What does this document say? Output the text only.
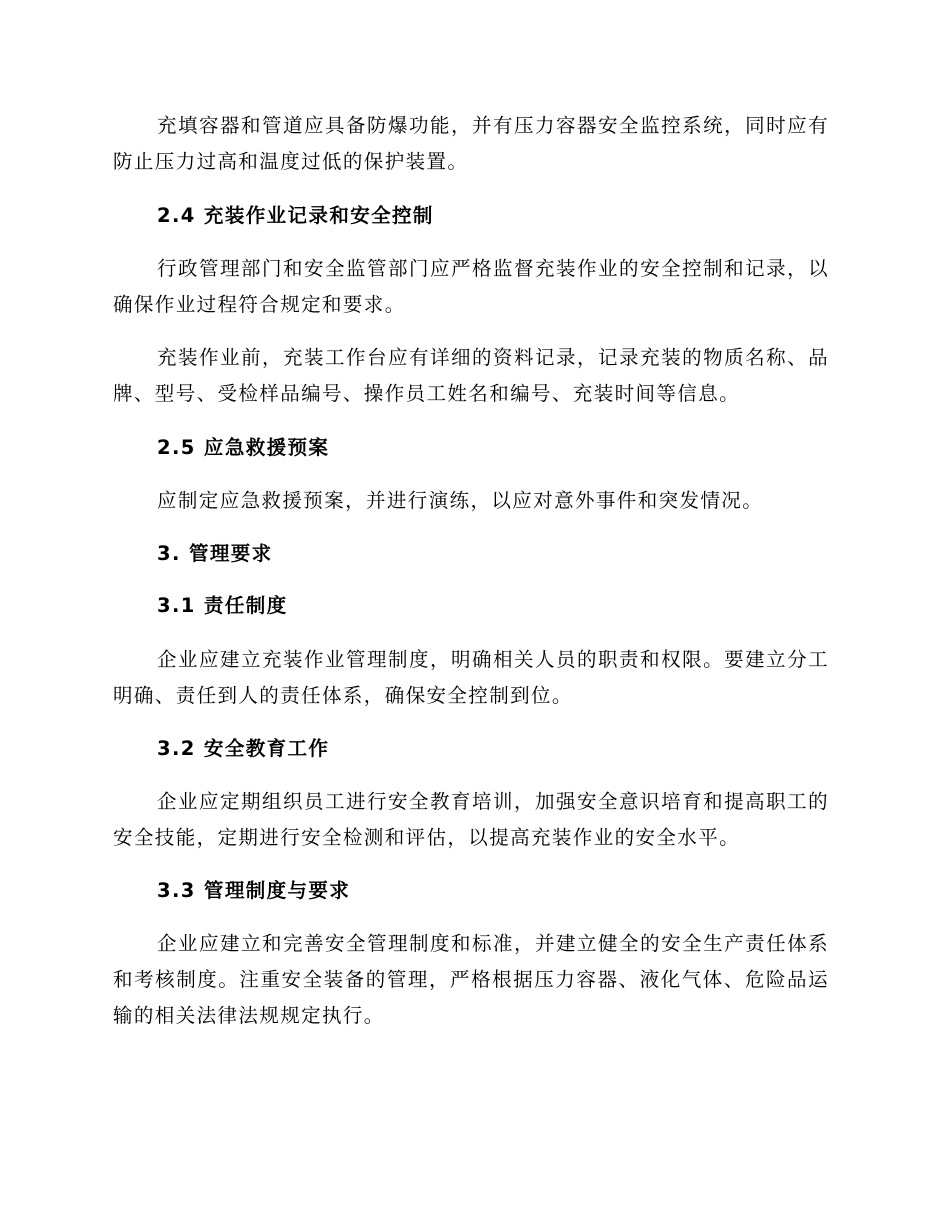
充填容器和管道应具备防爆功能，并有压力容器安全监控系统，同时应有防止压力过高和温度过低的保护装置。

2.4 充装作业记录和安全控制

行政管理部门和安全监管部门应严格监督充装作业的安全控制和记录，以确保作业过程符合规定和要求。

充装作业前，充装工作台应有详细的资料记录，记录充装的物质名称、品牌、型号、受检样品编号、操作员工姓名和编号、充装时间等信息。

2.5 应急救援预案

应制定应急救援预案，并进行演练，以应对意外事件和突发情况。

3. 管理要求
3.1 责任制度

企业应建立充装作业管理制度，明确相关人员的职责和权限。要建立分工明确、责任到人的责任体系，确保安全控制到位。

3.2 安全教育工作

企业应定期组织员工进行安全教育培训，加强安全意识培育和提高职工的安全技能，定期进行安全检测和评估，以提高充装作业的安全水平。

3.3 管理制度与要求

企业应建立和完善安全管理制度和标准，并建立健全的安全生产责任体系和考核制度。注重安全装备的管理，严格根据压力容器、液化气体、危险品运输的相关法律法规规定执行。
